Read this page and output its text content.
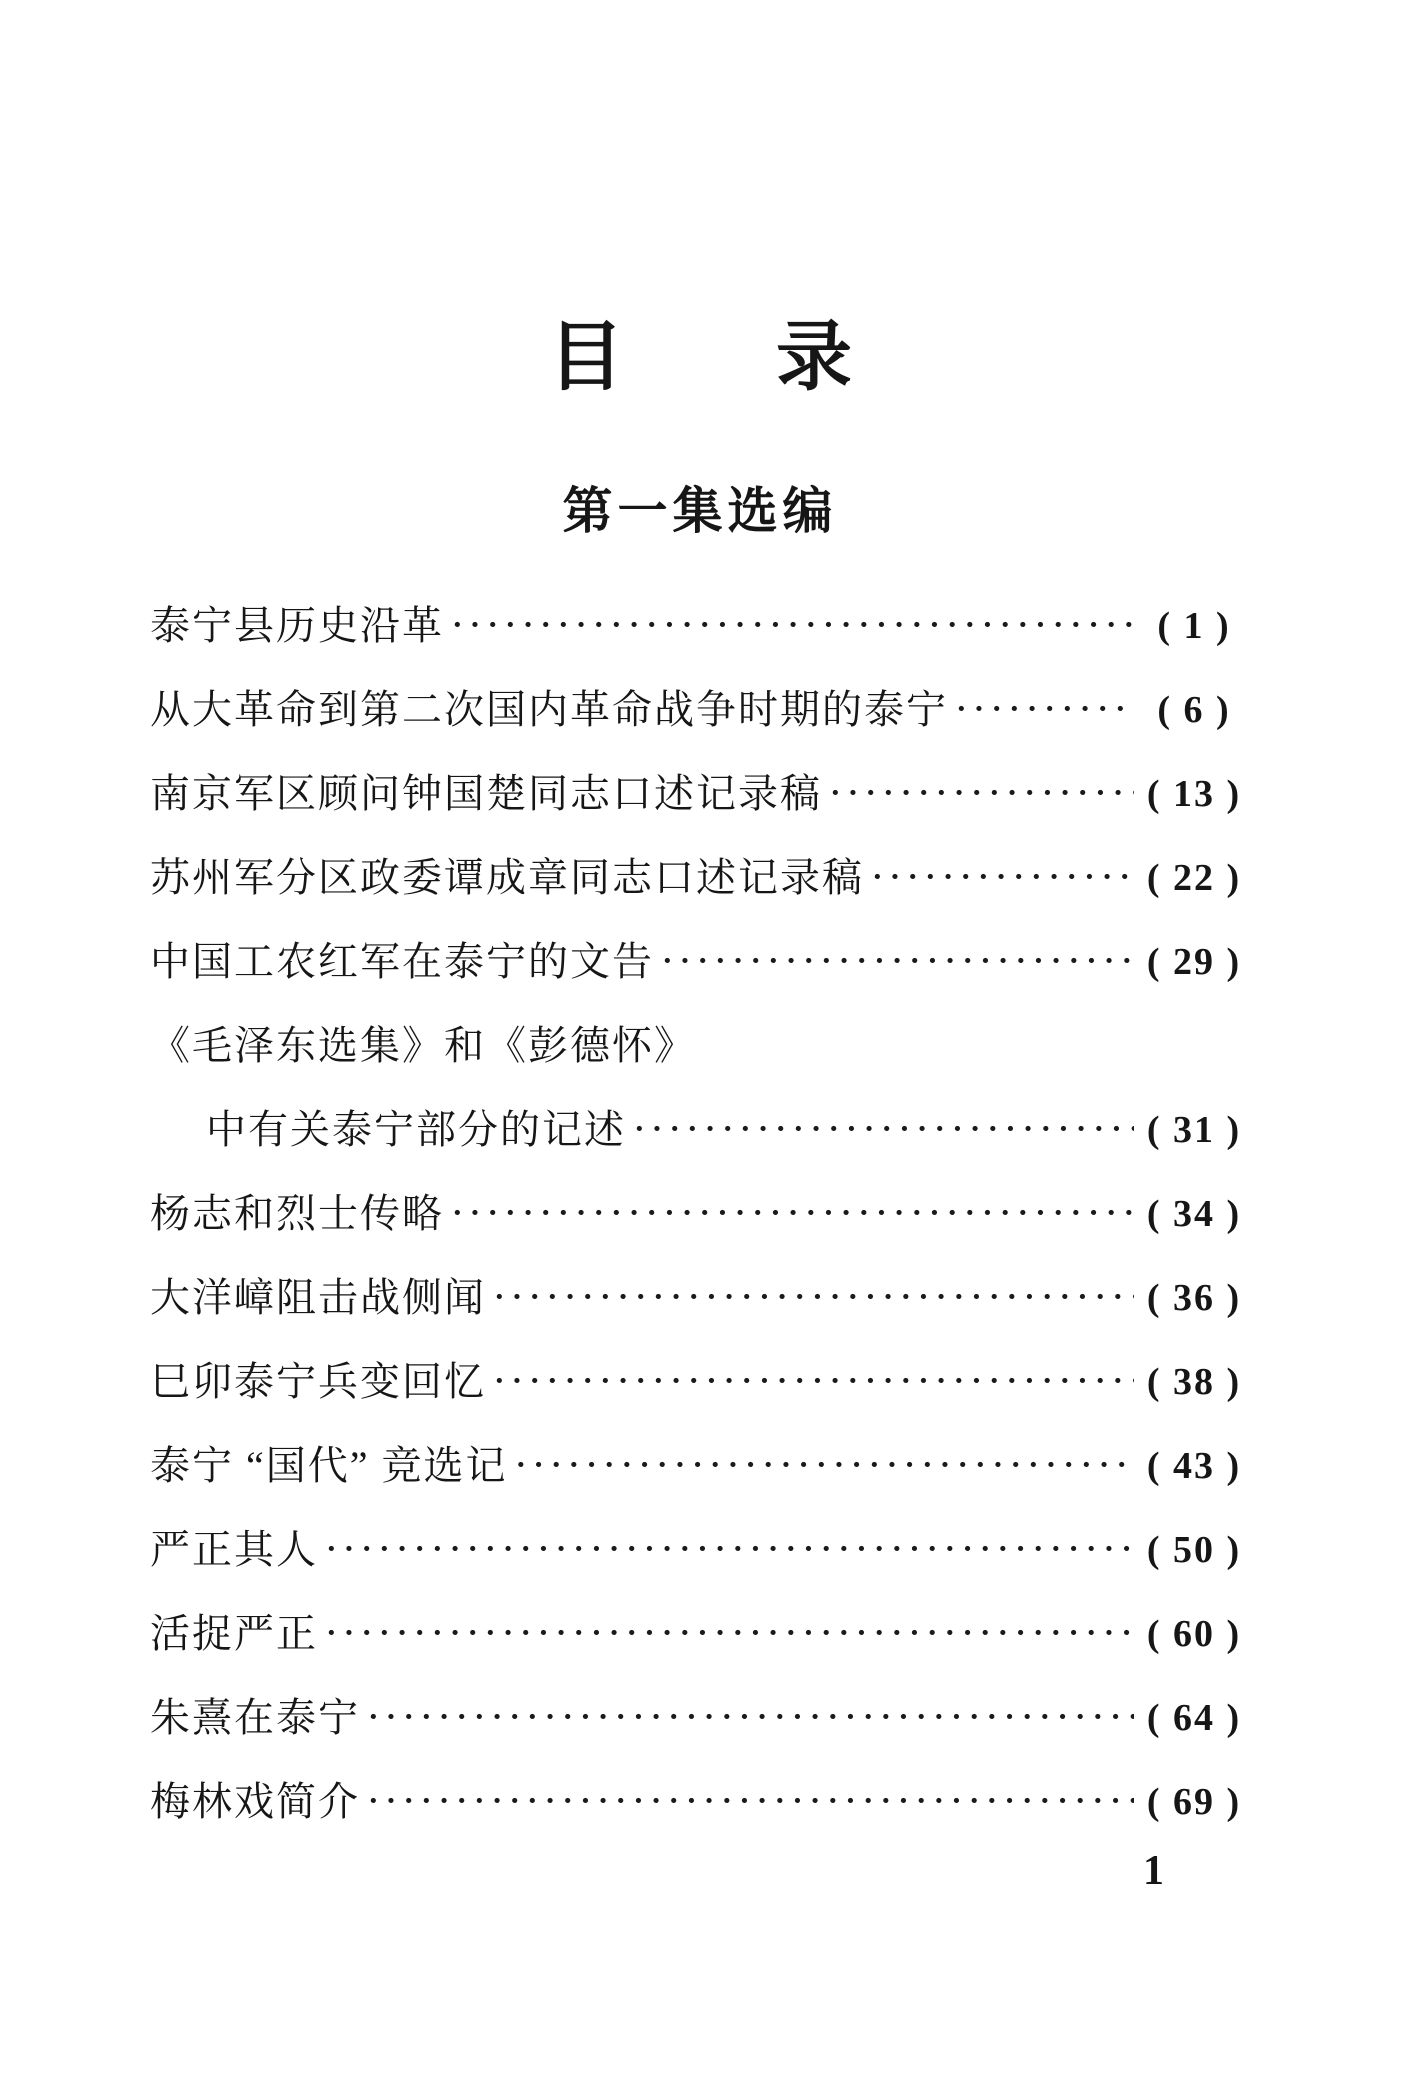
目　　录
第一集选编
泰宁县历史沿革 ·····	( 1 )
从大革命到第二次国内革命战争时期的泰宁 ·····	( 6 )
南京军区顾问钟国楚同志口述记录稿 ·····	( 13 )
苏州军分区政委谭成章同志口述记录稿 ·····	( 22 )
中国工农红军在泰宁的文告 ·····	( 29 )
《毛泽东选集》和《彭德怀》
中有关泰宁部分的记述 ·····	( 31 )
杨志和烈士传略 ·····	( 34 )
大洋嶂阻击战侧闻 ·····	( 36 )
巳卯泰宁兵变回忆 ·····	( 38 )
泰宁 “国代” 竞选记 ·····	( 43 )
严正其人 ·····	( 50 )
活捉严正 ·····	( 60 )
朱熹在泰宁 ·····	( 64 )
梅林戏简介 ·····	( 69 )
1
